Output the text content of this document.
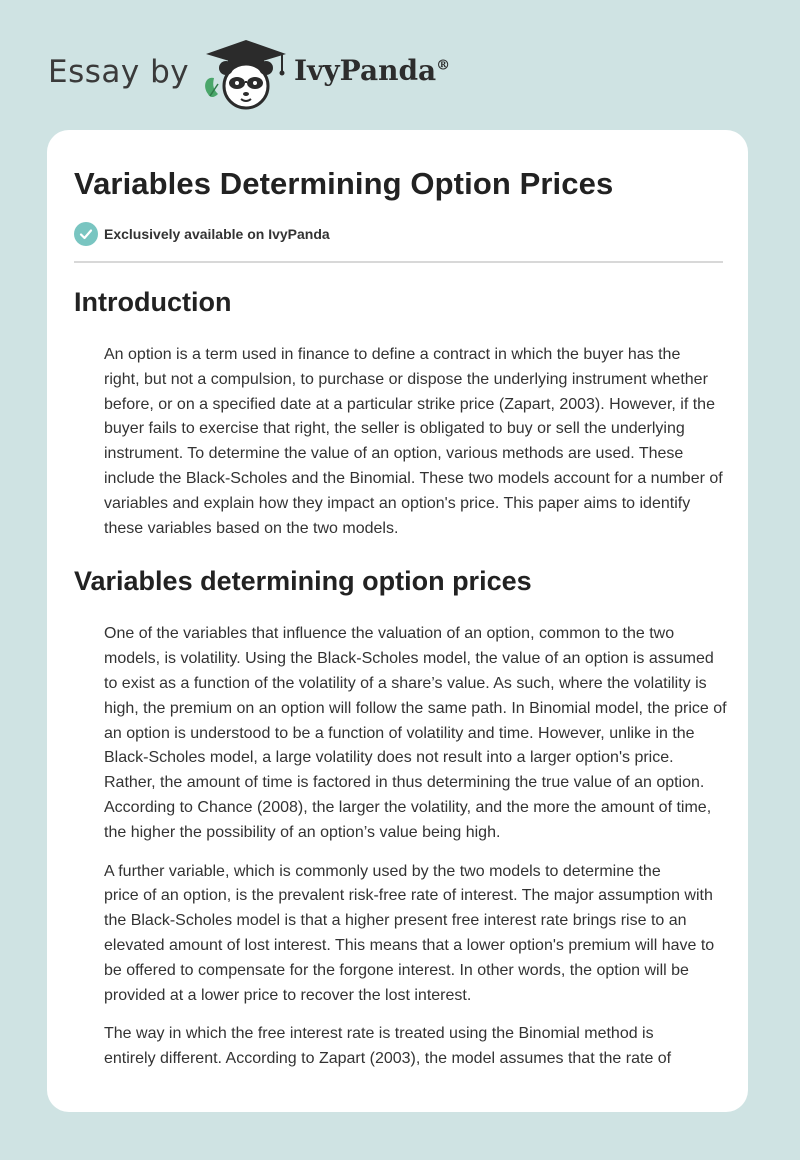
Essay by	IvyPanda®
Variables Determining Option Prices
Exclusively available on IvyPanda
Introduction

An option is a term used in finance to define a contract in which the buyer has the
right, but not a compulsion, to purchase or dispose the underlying instrument whether
before, or on a specified date at a particular strike price (Zapart, 2003). However, if the
buyer fails to exercise that right, the seller is obligated to buy or sell the underlying
instrument. To determine the value of an option, various methods are used. These
include the Black-Scholes and the Binomial. These two models account for a number of
variables and explain how they impact an option's price. This paper aims to identify
these variables based on the two models.

Variables determining option prices

One of the variables that influence the valuation of an option, common to the two
models, is volatility. Using the Black-Scholes model, the value of an option is assumed
to exist as a function of the volatility of a share’s value. As such, where the volatility is
high, the premium on an option will follow the same path. In Binomial model, the price of
an option is understood to be a function of volatility and time. However, unlike in the
Black-Scholes model, a large volatility does not result into a larger option's price.
Rather, the amount of time is factored in thus determining the true value of an option.
According to Chance (2008), the larger the volatility, and the more the amount of time,
the higher the possibility of an option’s value being high.

A further variable, which is commonly used by the two models to determine the
price of an option, is the prevalent risk-free rate of interest. The major assumption with
the Black-Scholes model is that a higher present free interest rate brings rise to an
elevated amount of lost interest. This means that a lower option's premium will have to
be offered to compensate for the forgone interest. In other words, the option will be
provided at a lower price to recover the lost interest.

The way in which the free interest rate is treated using the Binomial method is
entirely different. According to Zapart (2003), the model assumes that the rate of
